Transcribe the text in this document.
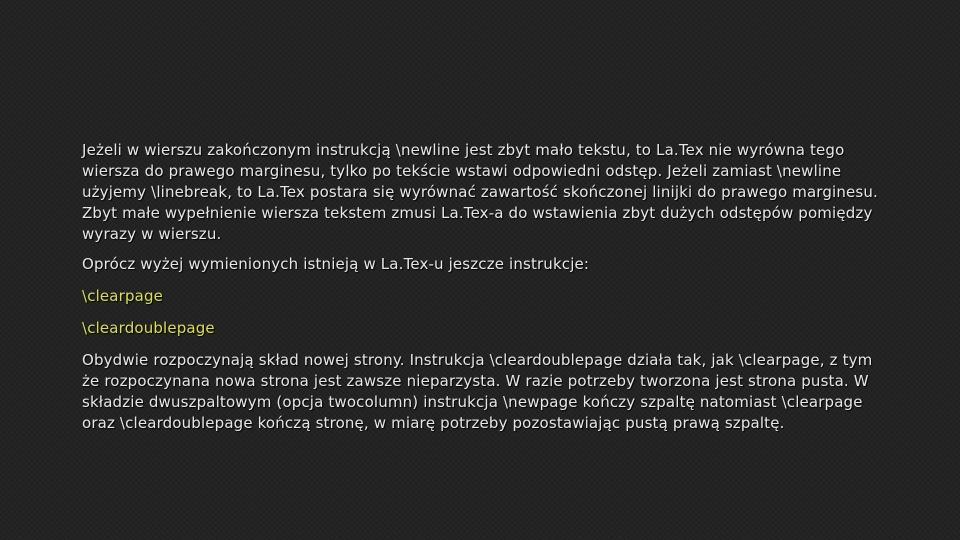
Jeżeli w wierszu zakończonym instrukcją \newline jest zbyt mało tekstu, to La.Tex nie wyrówna tego wiersza do prawego marginesu, tylko po tekście wstawi odpowiedni odstęp. Jeżeli zamiast \newline użyjemy \linebreak, to La.Tex postara się wyrównać zawartość skończonej linijki do prawego marginesu. Zbyt małe wypełnienie wiersza tekstem zmusi La.Tex-a do wstawienia zbyt dużych odstępów pomiędzy wyrazy w wierszu.

Oprócz wyżej wymienionych istnieją w La.Tex-u jeszcze instrukcje:

\clearpage

\cleardoublepage

Obydwie rozpoczynają skład nowej strony. Instrukcja \cleardoublepage działa tak, jak \clearpage, z tym że rozpoczynana nowa strona jest zawsze nieparzysta. W razie potrzeby tworzona jest strona pusta. W składzie dwuszpaltowym (opcja twocolumn) instrukcja \newpage kończy szpaltę natomiast \clearpage oraz \cleardoublepage kończą stronę, w miarę potrzeby pozostawiając pustą prawą szpaltę.
